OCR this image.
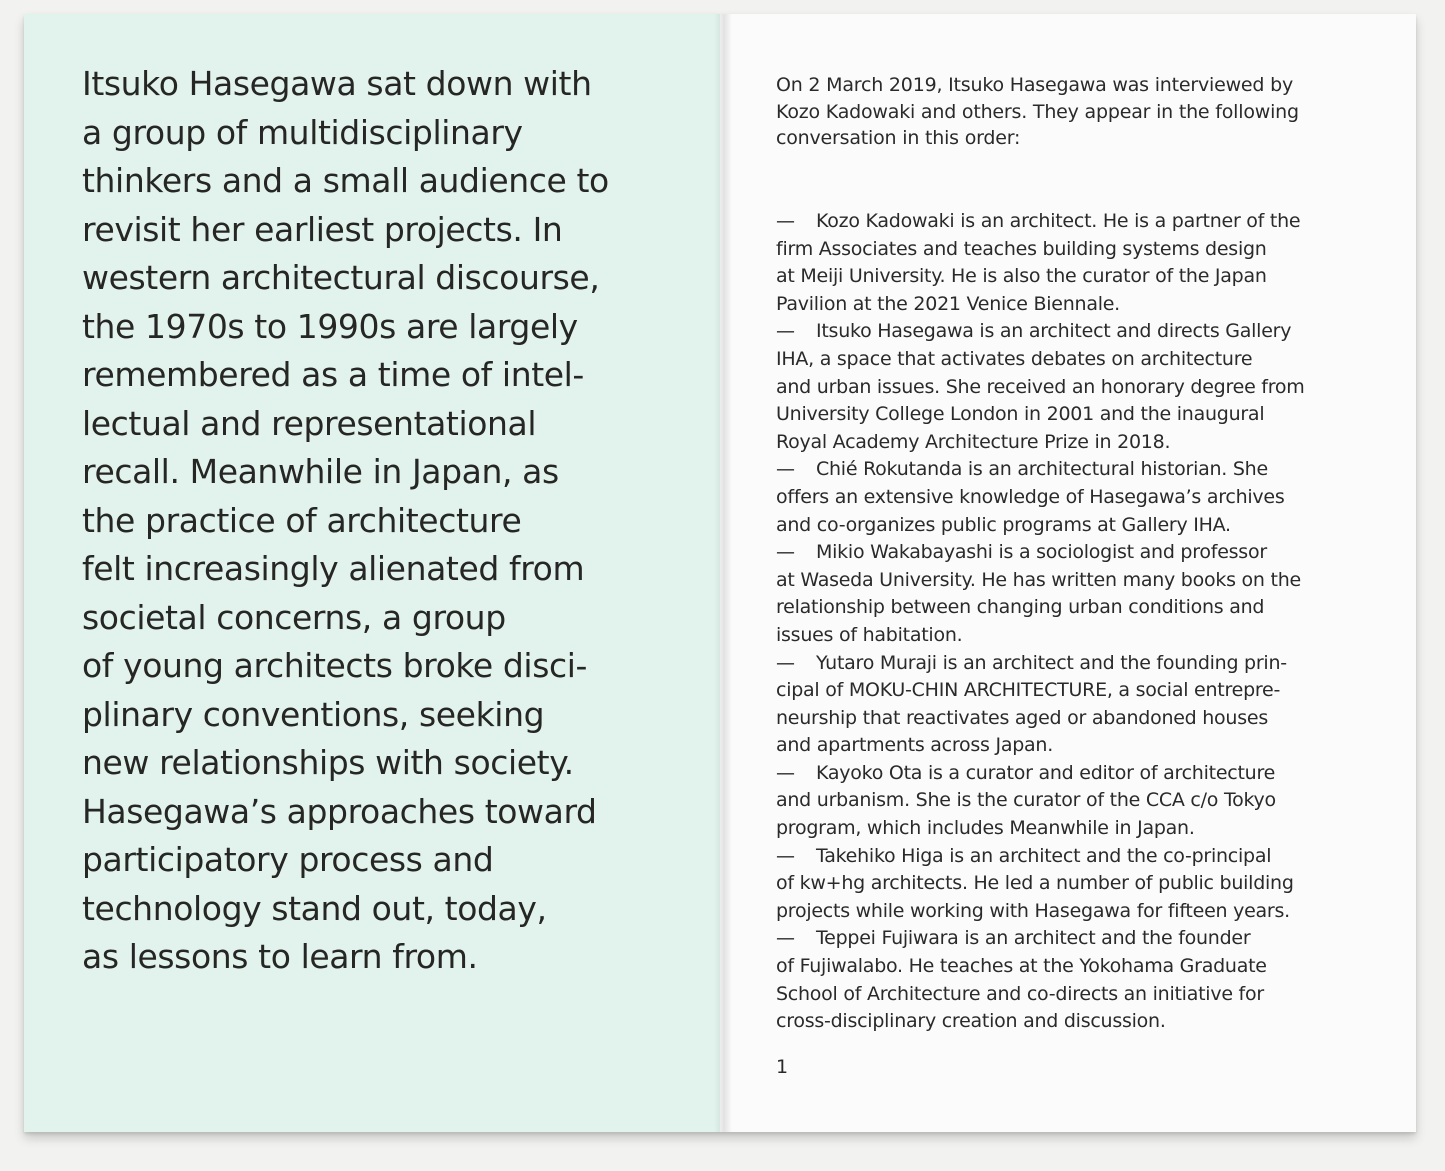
Itsuko Hasegawa sat down with
a group of multidisciplinary
thinkers and a small audience to
revisit her earliest projects. In
western architectural discourse,
the 1970s to 1990s are largely
remembered as a time of intel-
lectual and representational
recall. Meanwhile in Japan, as
the practice of architecture
felt increasingly alienated from
societal concerns, a group
of young architects broke disci-
plinary conventions, seeking
new relationships with society.
Hasegawa’s approaches toward
participatory process and
technology stand out, today,
as lessons to learn from.

On 2 March 2019, Itsuko Hasegawa was interviewed by
Kozo Kadowaki and others. They appear in the following
conversation in this order:

— Kozo Kadowaki is an architect. He is a partner of the
firm Associates and teaches building systems design
at Meiji University. He is also the curator of the Japan
Pavilion at the 2021 Venice Biennale.

— Itsuko Hasegawa is an architect and directs Gallery
IHA, a space that activates debates on architecture
and urban issues. She received an honorary degree from
University College London in 2001 and the inaugural
Royal Academy Architecture Prize in 2018.

— Chié Rokutanda is an architectural historian. She
offers an extensive knowledge of Hasegawa’s archives
and co-organizes public programs at Gallery IHA.

— Mikio Wakabayashi is a sociologist and professor
at Waseda University. He has written many books on the
relationship between changing urban conditions and
issues of habitation.

— Yutaro Muraji is an architect and the founding prin-
cipal of MOKU-CHIN ARCHITECTURE, a social entrepre-
neurship that reactivates aged or abandoned houses
and apartments across Japan.

— Kayoko Ota is a curator and editor of architecture
and urbanism. She is the curator of the CCA c/o Tokyo
program, which includes Meanwhile in Japan.

— Takehiko Higa is an architect and the co-principal
of kw+hg architects. He led a number of public building
projects while working with Hasegawa for fifteen years.

— Teppei Fujiwara is an architect and the founder
of Fujiwalabo. He teaches at the Yokohama Graduate
School of Architecture and co-directs an initiative for
cross-disciplinary creation and discussion.

1
